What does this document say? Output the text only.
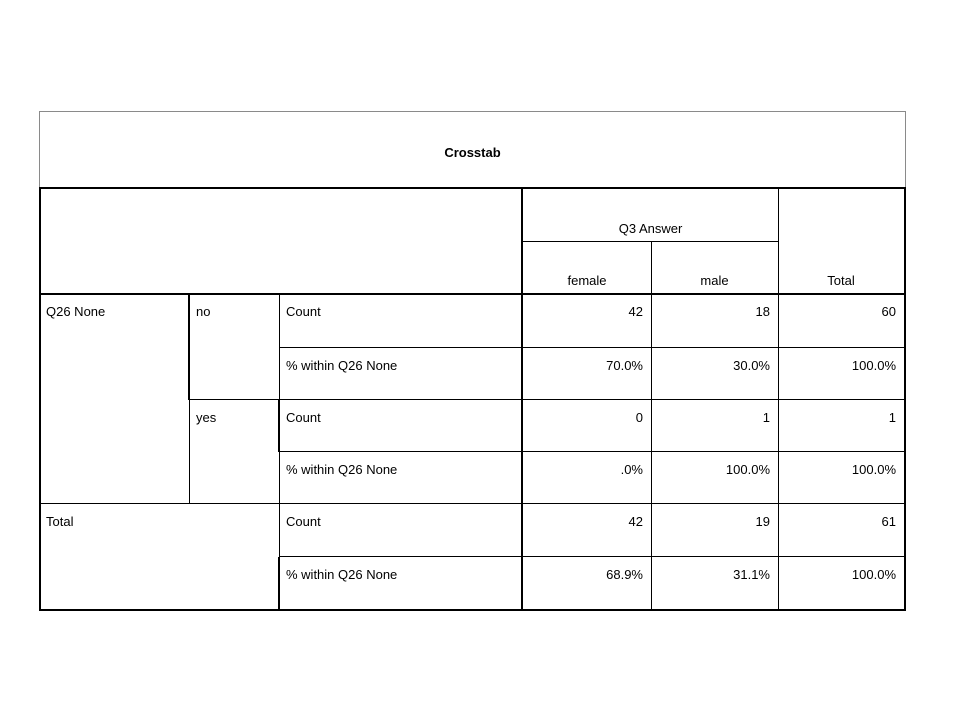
Crosstab
Q3 Answer
female	male	Total
Q26 None	no	Count	42	18	60
% within Q26 None	70.0%	30.0%	100.0%
yes	Count	0	1	1
% within Q26 None	.0%	100.0%	100.0%
Total	Count	42	19	61
% within Q26 None	68.9%	31.1%	100.0%
